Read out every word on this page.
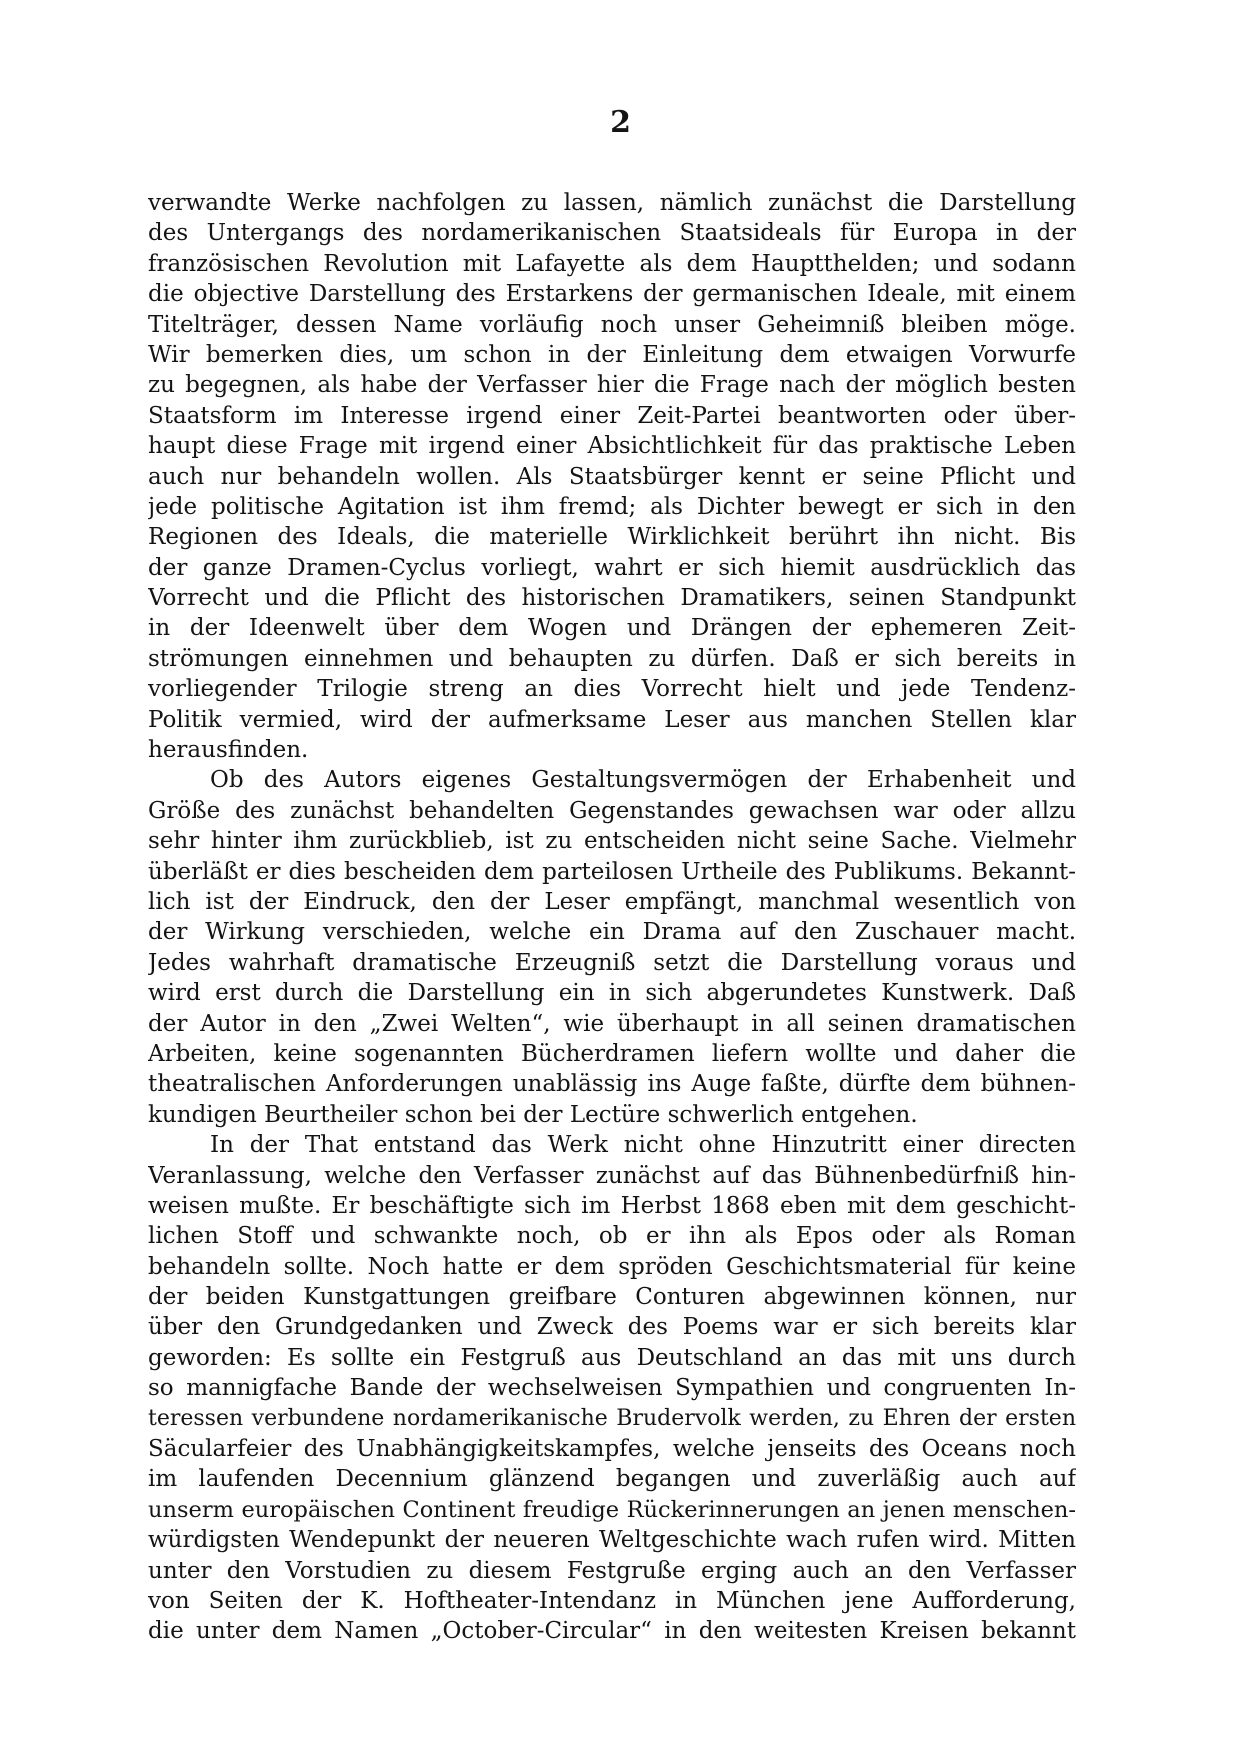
2
verwandte Werke nachfolgen zu lassen, nämlich zunächst die Darstellung
des Untergangs des nordamerikanischen Staatsideals für Europa in der
französischen Revolution mit Lafayette als dem Hauptthelden; und sodann
die objective Darstellung des Erstarkens der germanischen Ideale, mit einem
Titelträger, dessen Name vorläufig noch unser Geheimniß bleiben möge.
Wir bemerken dies, um schon in der Einleitung dem etwaigen Vorwurfe
zu begegnen, als habe der Verfasser hier die Frage nach der möglich besten
Staatsform im Interesse irgend einer Zeit-Partei beantworten oder über-
haupt diese Frage mit irgend einer Absichtlichkeit für das praktische Leben
auch nur behandeln wollen. Als Staatsbürger kennt er seine Pflicht und
jede politische Agitation ist ihm fremd; als Dichter bewegt er sich in den
Regionen des Ideals, die materielle Wirklichkeit berührt ihn nicht. Bis
der ganze Dramen-Cyclus vorliegt, wahrt er sich hiemit ausdrücklich das
Vorrecht und die Pflicht des historischen Dramatikers, seinen Standpunkt
in der Ideenwelt über dem Wogen und Drängen der ephemeren Zeit-
strömungen einnehmen und behaupten zu dürfen. Daß er sich bereits in
vorliegender Trilogie streng an dies Vorrecht hielt und jede Tendenz-
Politik vermied, wird der aufmerksame Leser aus manchen Stellen klar
herausfinden.
Ob des Autors eigenes Gestaltungsvermögen der Erhabenheit und
Größe des zunächst behandelten Gegenstandes gewachsen war oder allzu
sehr hinter ihm zurückblieb, ist zu entscheiden nicht seine Sache. Vielmehr
überläßt er dies bescheiden dem parteilosen Urtheile des Publikums. Bekannt-
lich ist der Eindruck, den der Leser empfängt, manchmal wesentlich von
der Wirkung verschieden, welche ein Drama auf den Zuschauer macht.
Jedes wahrhaft dramatische Erzeugniß setzt die Darstellung voraus und
wird erst durch die Darstellung ein in sich abgerundetes Kunstwerk. Daß
der Autor in den „Zwei Welten“, wie überhaupt in all seinen dramatischen
Arbeiten, keine sogenannten Bücherdramen liefern wollte und daher die
theatralischen Anforderungen unablässig ins Auge faßte, dürfte dem bühnen-
kundigen Beurtheiler schon bei der Lectüre schwerlich entgehen.
In der That entstand das Werk nicht ohne Hinzutritt einer directen
Veranlassung, welche den Verfasser zunächst auf das Bühnenbedürfniß hin-
weisen mußte. Er beschäftigte sich im Herbst 1868 eben mit dem geschicht-
lichen Stoff und schwankte noch, ob er ihn als Epos oder als Roman
behandeln sollte. Noch hatte er dem spröden Geschichtsmaterial für keine
der beiden Kunstgattungen greifbare Conturen abgewinnen können, nur
über den Grundgedanken und Zweck des Poems war er sich bereits klar
geworden: Es sollte ein Festgruß aus Deutschland an das mit uns durch
so mannigfache Bande der wechselweisen Sympathien und congruenten In-
teressen verbundene nordamerikanische Brudervolk werden, zu Ehren der ersten
Säcularfeier des Unabhängigkeitskampfes, welche jenseits des Oceans noch
im laufenden Decennium glänzend begangen und zuverläßig auch auf
unserm europäischen Continent freudige Rückerinnerungen an jenen menschen-
würdigsten Wendepunkt der neueren Weltgeschichte wach rufen wird. Mitten
unter den Vorstudien zu diesem Festgruße erging auch an den Verfasser
von Seiten der K. Hoftheater-Intendanz in München jene Aufforderung,
die unter dem Namen „October-Circular“ in den weitesten Kreisen bekannt
